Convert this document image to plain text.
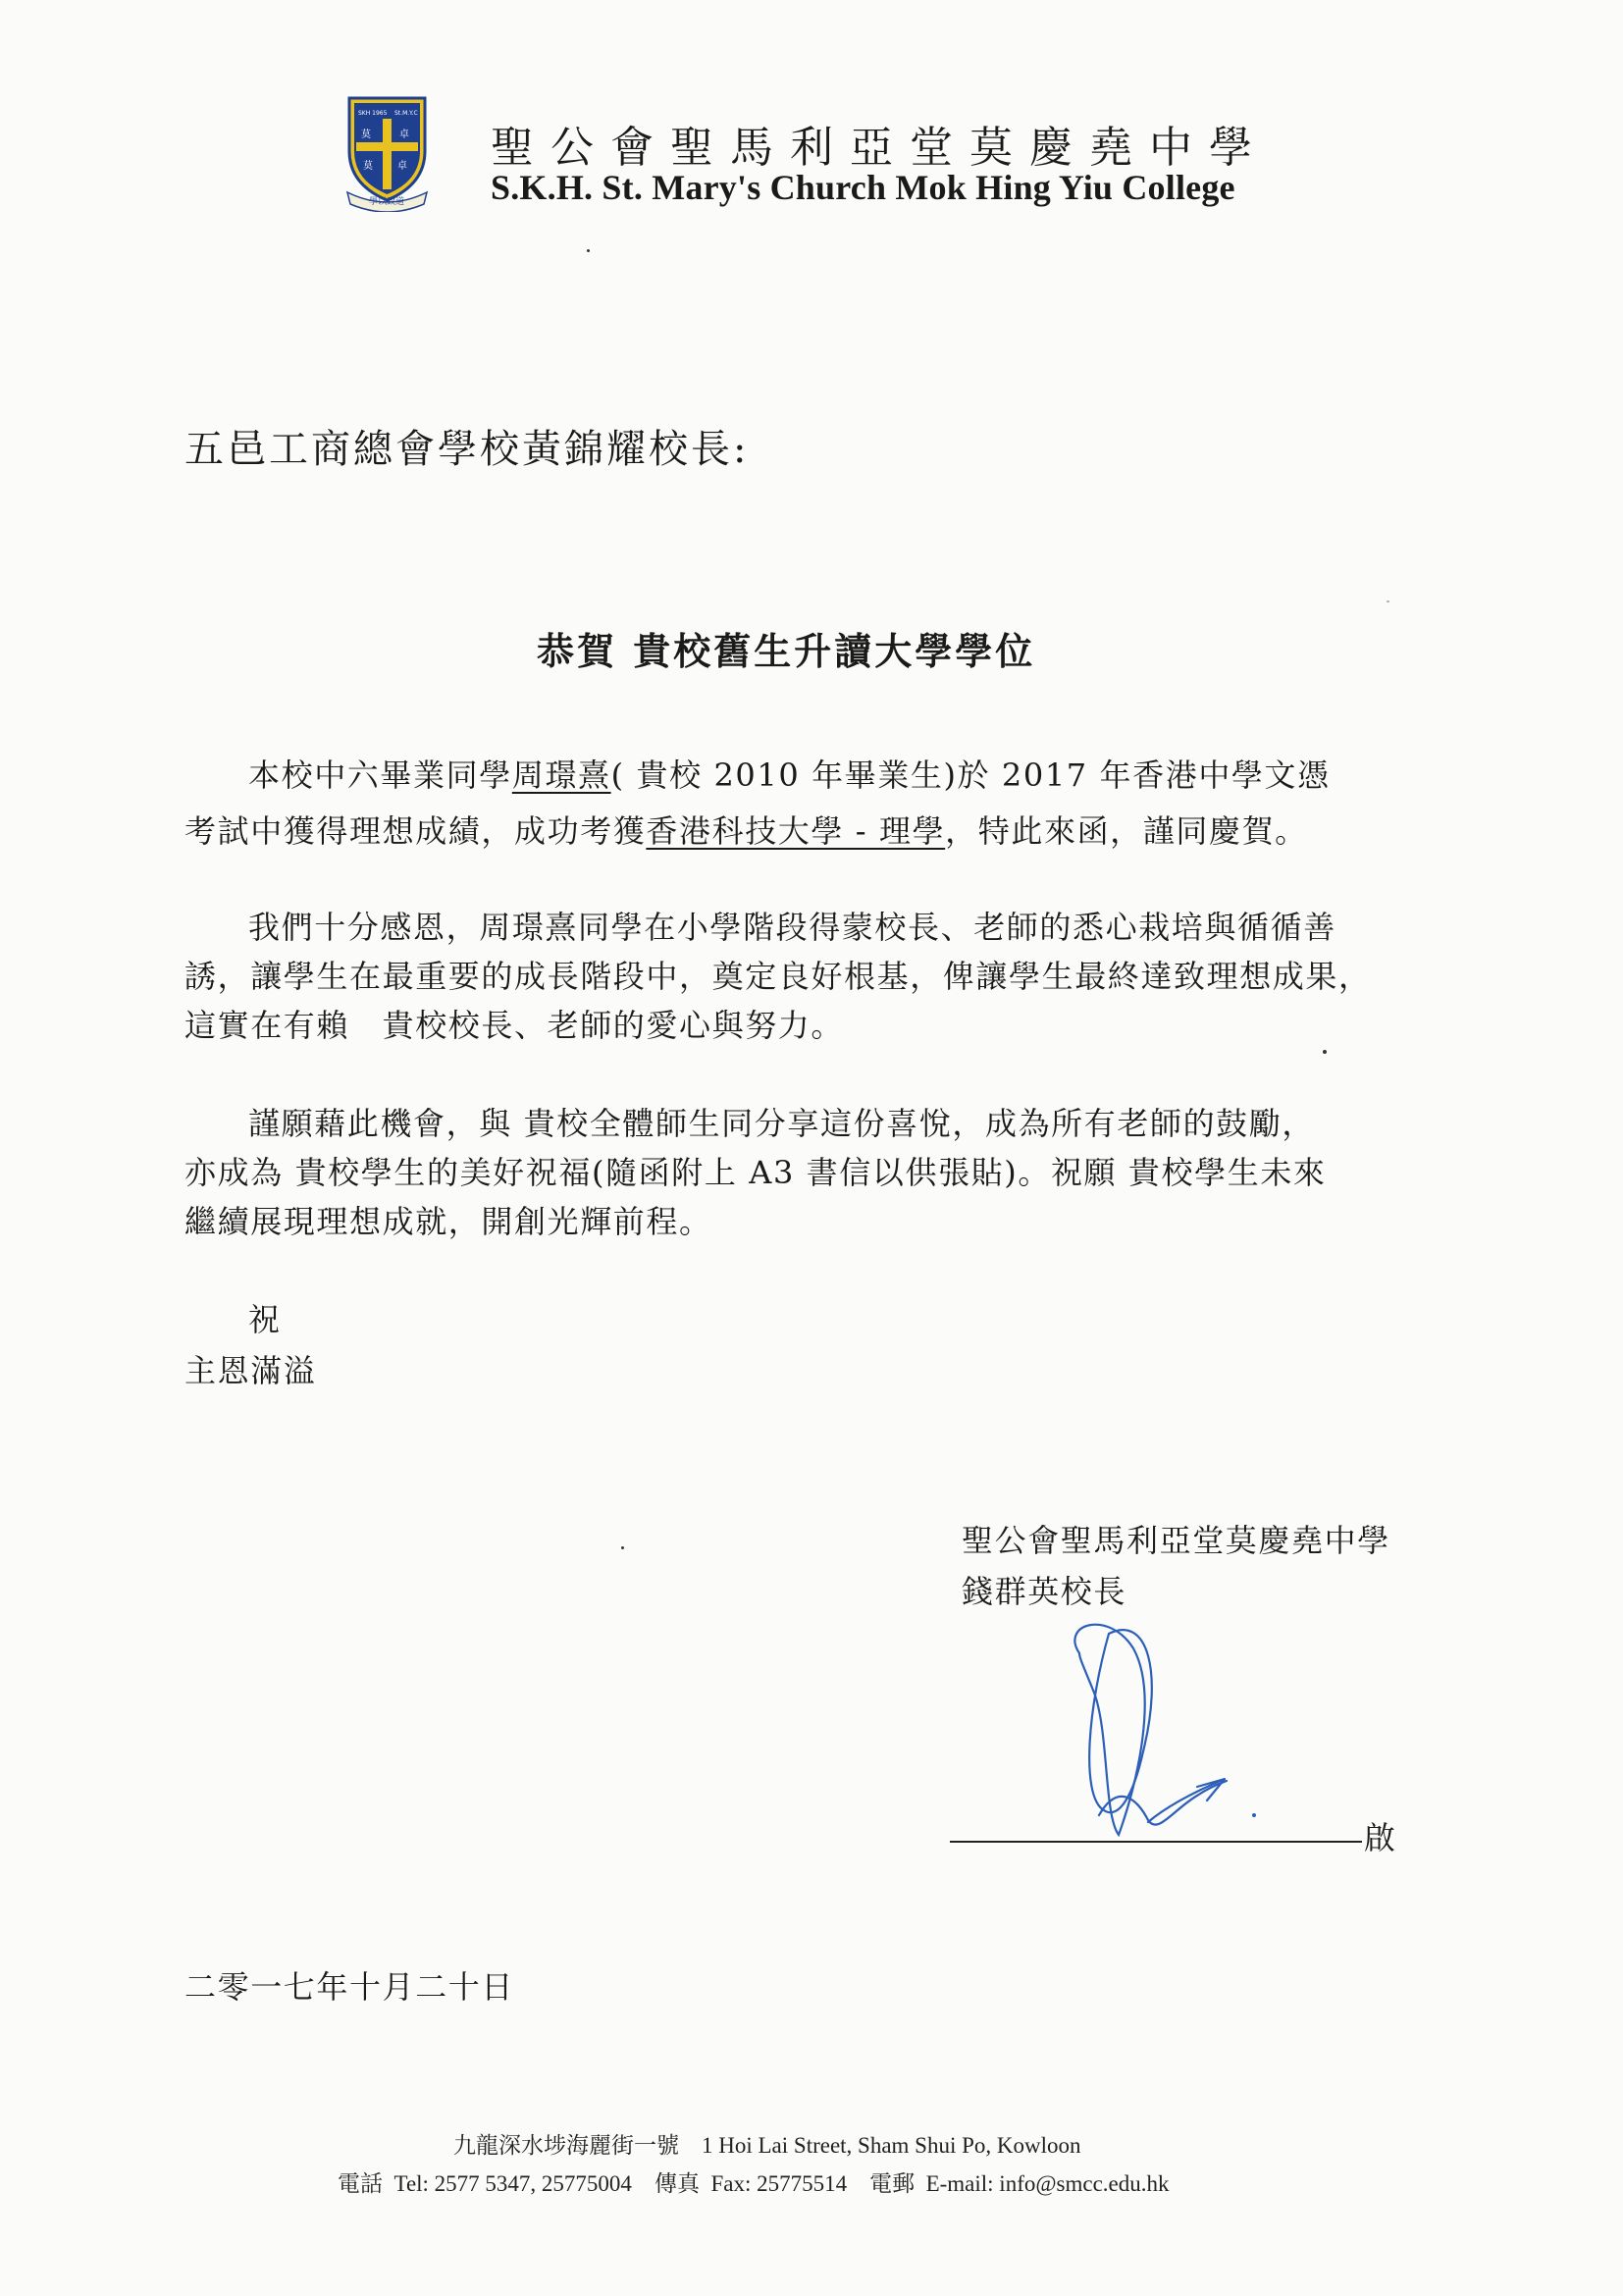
SKH 1965 St.M.Y.C
莫	卓
莫	卓
學以致道
聖公會聖馬利亞堂莫慶堯中學
S.K.H. St. Mary's Church Mok Hing Yiu College
五邑工商總會學校黃錦耀校長:
恭賀 貴校舊生升讀大學學位
本校中六畢業同學周璟熹( 貴校 2010 年畢業生)於 2017 年香港中學文憑
考試中獲得理想成績，成功考獲香港科技大學 - 理學，特此來函，謹同慶賀。
我們十分感恩，周璟熹同學在小學階段得蒙校長、老師的悉心栽培與循循善
誘，讓學生在最重要的成長階段中，奠定良好根基，俾讓學生最終達致理想成果，
這實在有賴　貴校校長、老師的愛心與努力。
謹願藉此機會，與 貴校全體師生同分享這份喜悅，成為所有老師的鼓勵，
亦成為 貴校學生的美好祝福(隨函附上 A3 書信以供張貼)。祝願 貴校學生未來
繼續展現理想成就，開創光輝前程。
祝
主恩滿溢
聖公會聖馬利亞堂莫慶堯中學
錢群英校長
啟
二零一七年十月二十日
九龍深水埗海麗街一號 1 Hoi Lai Street, Sham Shui Po, Kowloon
電話 Tel: 2577 5347, 25775004 傳真 Fax: 25775514 電郵 E-mail: info@smcc.edu.hk
